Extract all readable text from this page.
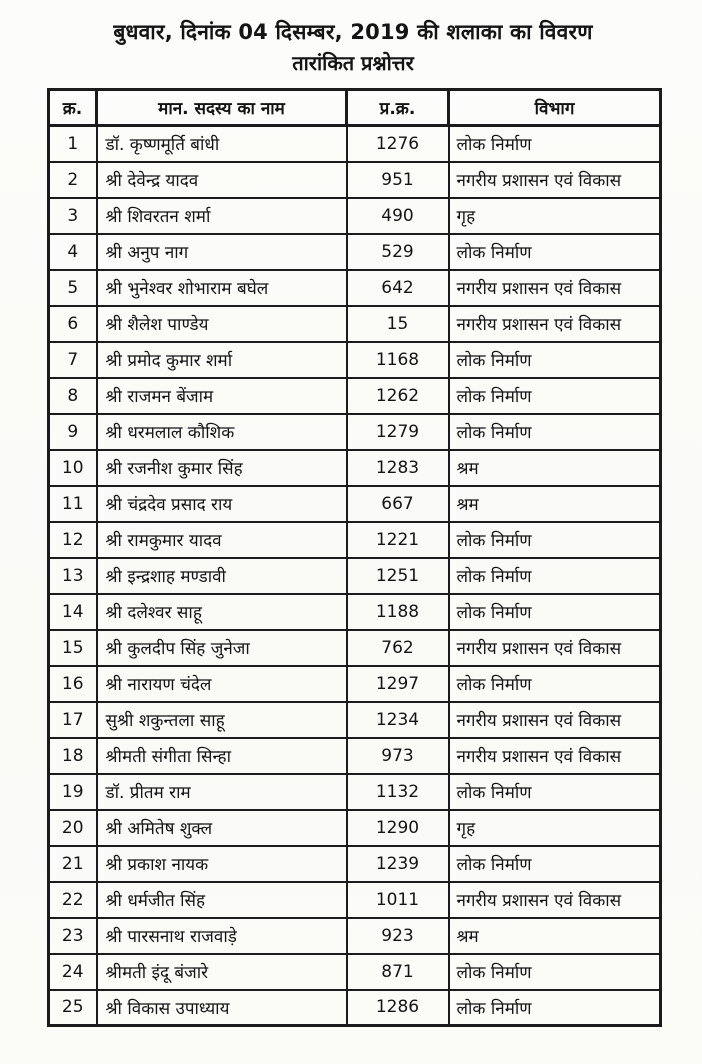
बुधवार, दिनांक 04 दिसम्बर, 2019 की शलाका का विवरण
तारांकित प्रश्नोत्तर
क्र.	मान. सदस्य का नाम	प्र.क्र.	विभाग
1	डॉ. कृष्णमूर्ति बांधी	1276	लोक निर्माण
2	श्री देवेन्द्र यादव	951	नगरीय प्रशासन एवं विकास
3	श्री शिवरतन शर्मा	490	गृह
4	श्री अनुप नाग	529	लोक निर्माण
5	श्री भुनेश्वर शोभाराम बघेल	642	नगरीय प्रशासन एवं विकास
6	श्री शैलेश पाण्डेय	15	नगरीय प्रशासन एवं विकास
7	श्री प्रमोद कुमार शर्मा	1168	लोक निर्माण
8	श्री राजमन बेंजाम	1262	लोक निर्माण
9	श्री धरमलाल कौशिक	1279	लोक निर्माण
10	श्री रजनीश कुमार सिंह	1283	श्रम
11	श्री चंद्रदेव प्रसाद राय	667	श्रम
12	श्री रामकुमार यादव	1221	लोक निर्माण
13	श्री इन्द्रशाह मण्डावी	1251	लोक निर्माण
14	श्री दलेश्वर साहू	1188	लोक निर्माण
15	श्री कुलदीप सिंह जुनेजा	762	नगरीय प्रशासन एवं विकास
16	श्री नारायण चंदेल	1297	लोक निर्माण
17	सुश्री शकुन्तला साहू	1234	नगरीय प्रशासन एवं विकास
18	श्रीमती संगीता सिन्हा	973	नगरीय प्रशासन एवं विकास
19	डॉ. प्रीतम राम	1132	लोक निर्माण
20	श्री अमितेष शुक्ल	1290	गृह
21	श्री प्रकाश नायक	1239	लोक निर्माण
22	श्री धर्मजीत सिंह	1011	नगरीय प्रशासन एवं विकास
23	श्री पारसनाथ राजवाड़े	923	श्रम
24	श्रीमती इंदू बंजारे	871	लोक निर्माण
25	श्री विकास उपाध्याय	1286	लोक निर्माण
